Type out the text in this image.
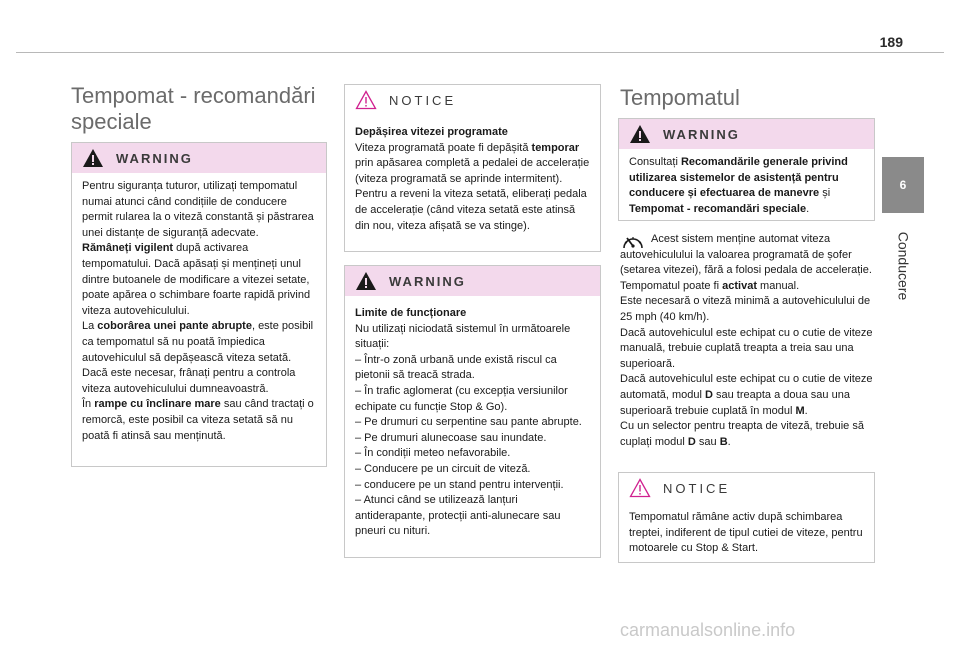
189
6
Conducere
Tempomat - recomandări speciale
WARNING

Pentru siguranța tuturor, utilizați tempomatul numai atunci când condițiile de conducere permit rularea la o viteză constantă și păstrarea unei distanțe de siguranță adecvate.

Rămâneți vigilent după activarea tempomatului. Dacă apăsați și mențineți unul dintre butoanele de modificare a vitezei setate, poate apărea o schimbare foarte rapidă privind viteza autovehiculului.

La coborârea unei pante abrupte, este posibil ca tempomatul să nu poată împiedica autovehiculul să depășească viteza setată. Dacă este necesar, frânați pentru a controla viteza autovehiculului dumneavoastră.

În rampe cu înclinare mare sau când tractați o remorcă, este posibil ca viteza setată să nu poată fi atinsă sau menținută.

NOTICE

Depășirea vitezei programate

Viteza programată poate fi depășită temporar prin apăsarea completă a pedalei de accelerație (viteza programată se aprinde intermitent).

Pentru a reveni la viteza setată, eliberați pedala de accelerație (când viteza setată este atinsă din nou, viteza afișată se va stinge).

WARNING

Limite de funcționare

Nu utilizați niciodată sistemul în următoarele situații:

– Într-o zonă urbană unde există riscul ca pietonii să treacă strada.

– În trafic aglomerat (cu excepția versiunilor echipate cu funcție Stop & Go).

– Pe drumuri cu serpentine sau pante abrupte.

– Pe drumuri alunecoase sau inundate.

– În condiții meteo nefavorabile.

– Conducere pe un circuit de viteză.

– conducere pe un stand pentru intervenții.

– Atunci când se utilizează lanțuri antiderapante, protecții anti-alunecare sau pneuri cu nituri.

Tempomatul
WARNING

Consultați Recomandările generale privind utilizarea sistemelor de asistență pentru conducere și efectuarea de manevre și Tempomat - recomandări speciale.

Acest sistem menține automat viteza autovehiculului la valoarea programată de șofer (setarea vitezei), fără a folosi pedala de accelerație.

Tempomatul poate fi activat manual.

Este necesară o viteză minimă a autovehiculului de 25 mph (40 km/h).

Dacă autovehiculul este echipat cu o cutie de viteze manuală, trebuie cuplată treapta a treia sau una superioară.

Dacă autovehiculul este echipat cu o cutie de viteze automată, modul D sau treapta a doua sau una superioară trebuie cuplată în modul M.

Cu un selector pentru treapta de viteză, trebuie să cuplați modul D sau B.

NOTICE

Tempomatul rămâne activ după schimbarea treptei, indiferent de tipul cutiei de viteze, pentru motoarele cu Stop & Start.

carmanualsonline.info
